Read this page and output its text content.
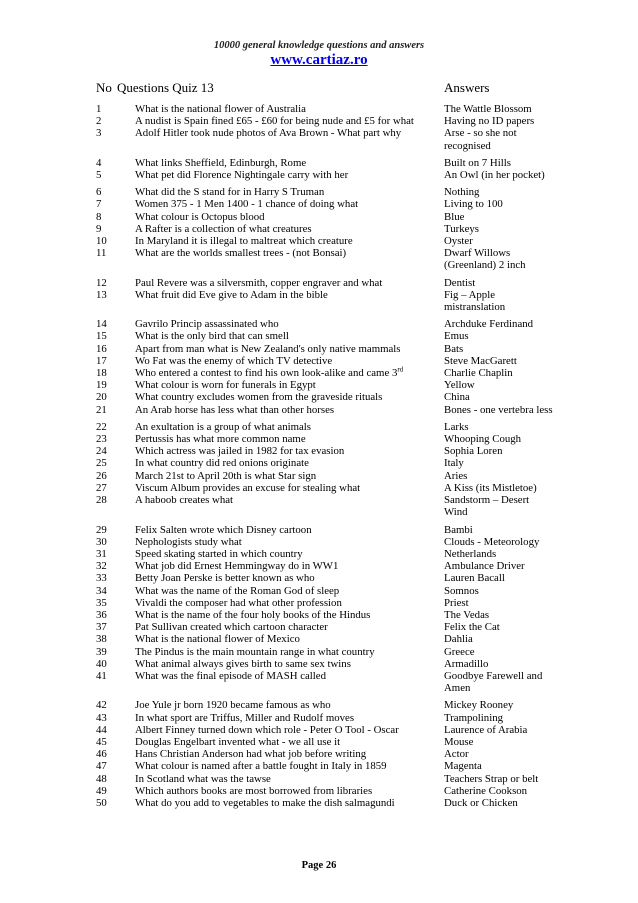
10000 general knowledge questions and answers
www.cartiaz.ro
No Questions Quiz 13	Answers
1	What is the national flower of Australia	The Wattle Blossom
2	A nudist is Spain fined £65 - £60 for being nude and £5 for what	Having no ID papers
3	Adolf Hitler took nude photos of Ava Brown - What part why	Arse - so she not recognised
4	What links Sheffield, Edinburgh, Rome	Built on 7 Hills
5	What pet did Florence Nightingale carry with her	An Owl (in her pocket)
6	What did the S stand for in Harry S Truman	Nothing
7	Women 375 - 1 Men 1400 - 1 chance of doing what	Living to 100
8	What colour is Octopus blood	Blue
9	A Rafter is a collection of what creatures	Turkeys
10	In Maryland it is illegal to maltreat which creature	Oyster
11	What are the worlds smallest trees - (not Bonsai)	Dwarf Willows (Greenland) 2 inch
12	Paul Revere was a silversmith, copper engraver and what	Dentist
13	What fruit did Eve give to Adam in the bible	Fig – Apple mistranslation
14	Gavrilo Princip assassinated who	Archduke Ferdinand
15	What is the only bird that can smell	Emus
16	Apart from man what is New Zealand's only native mammals	Bats
17	Wo Fat was the enemy of which TV detective	Steve MacGarett
18	Who entered a contest to find his own look-alike and came 3rd	Charlie Chaplin
19	What colour is worn for funerals in Egypt	Yellow
20	What country excludes women from the graveside rituals	China
21	An Arab horse has less what than other horses	Bones - one vertebra less
22	An exultation is a group of what animals	Larks
23	Pertussis has what more common name	Whooping Cough
24	Which actress was jailed in 1982 for tax evasion	Sophia Loren
25	In what country did red onions originate	Italy
26	March 21st to April 20th is what Star sign	Aries
27	Viscum Album provides an excuse for stealing what	A Kiss (its Mistletoe)
28	A haboob creates what	Sandstorm – Desert Wind
29	Felix Salten wrote which Disney cartoon	Bambi
30	Nephologists study what	Clouds - Meteorology
31	Speed skating started in which country	Netherlands
32	What job did Ernest Hemmingway do in WW1	Ambulance Driver
33	Betty Joan Perske is better known as who	Lauren Bacall
34	What was the name of the Roman God of sleep	Somnos
35	Vivaldi the composer had what other profession	Priest
36	What is the name of the four holy books of the Hindus	The Vedas
37	Pat Sullivan created which cartoon character	Felix the Cat
38	What is the national flower of Mexico	Dahlia
39	The Pindus is the main mountain range in what country	Greece
40	What animal always gives birth to same sex twins	Armadillo
41	What was the final episode of MASH called	Goodbye Farewell and Amen
42	Joe Yule jr born 1920 became famous as who	Mickey Rooney
43	In what sport are Triffus, Miller and Rudolf moves	Trampolining
44	Albert Finney turned down which role - Peter O Tool - Oscar	Laurence of Arabia
45	Douglas Engelbart invented what - we all use it	Mouse
46	Hans Christian Anderson had what job before writing	Actor
47	What colour is named after a battle fought in Italy in 1859	Magenta
48	In Scotland what was the tawse	Teachers Strap or belt
49	Which authors books are most borrowed from libraries	Catherine Cookson
50	What do you add to vegetables to make the dish salmagundi	Duck or Chicken
Page 26
